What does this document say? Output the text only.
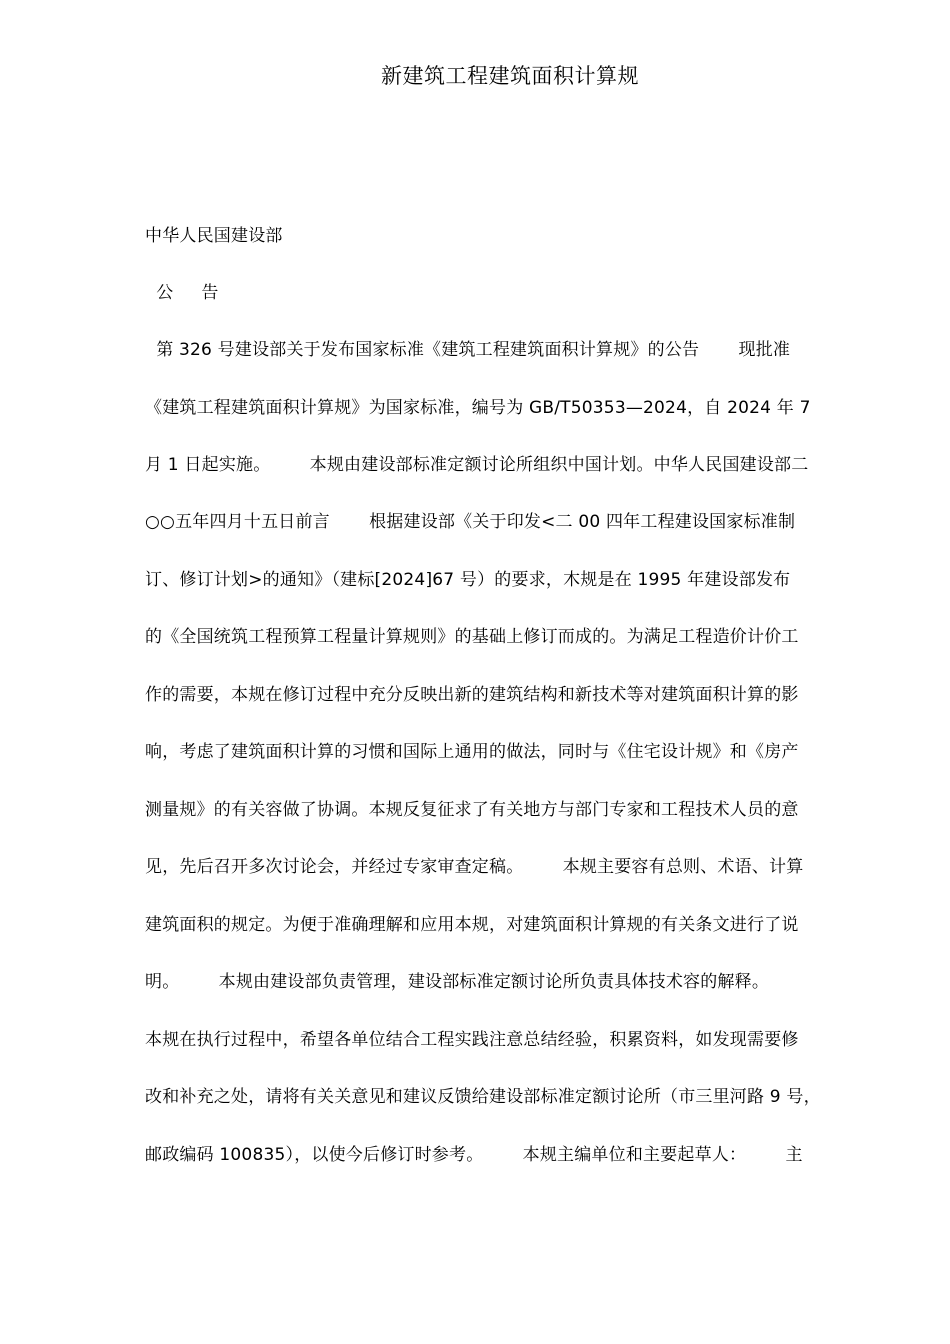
新建筑工程建筑面积计算规
中华人民国建设部
公     告
第 326 号建设部关于发布国家标准《建筑工程建筑面积计算规》的公告       现批准
《建筑工程建筑面积计算规》为国家标准，编号为 GB/T50353—2024，自 2024 年 7
月 1 日起实施。       本规由建设部标准定额讨论所组织中国计划。中华人民国建设部二
○○五年四月十五日前言       根据建设部《关于印发<二 00 四年工程建设国家标准制
订、修订计划>的通知》（建标[2024]67 号）的要求，木规是在 1995 年建设部发布
的《全国统筑工程预算工程量计算规则》的基础上修订而成的。为满足工程造价计价工
作的需要，本规在修订过程中充分反映出新的建筑结构和新技术等对建筑面积计算的影
响，考虑了建筑面积计算的习惯和国际上通用的做法，同时与《住宅设计规》和《房产
测量规》的有关容做了协调。本规反复征求了有关地方与部门专家和工程技术人员的意
见，先后召开多次讨论会，并经过专家审查定稿。       本规主要容有总则、术语、计算
建筑面积的规定。为便于准确理解和应用本规，对建筑面积计算规的有关条文进行了说
明。       本规由建设部负责管理，建设部标准定额讨论所负责具体技术容的解释。
本规在执行过程中，希望各单位结合工程实践注意总结经验，积累资料，如发现需要修
改和补充之处，请将有关关意见和建议反馈给建设部标准定额讨论所（市三里河路 9 号，
邮政编码 100835），以使今后修订时参考。       本规主编单位和主要起草人：       主
